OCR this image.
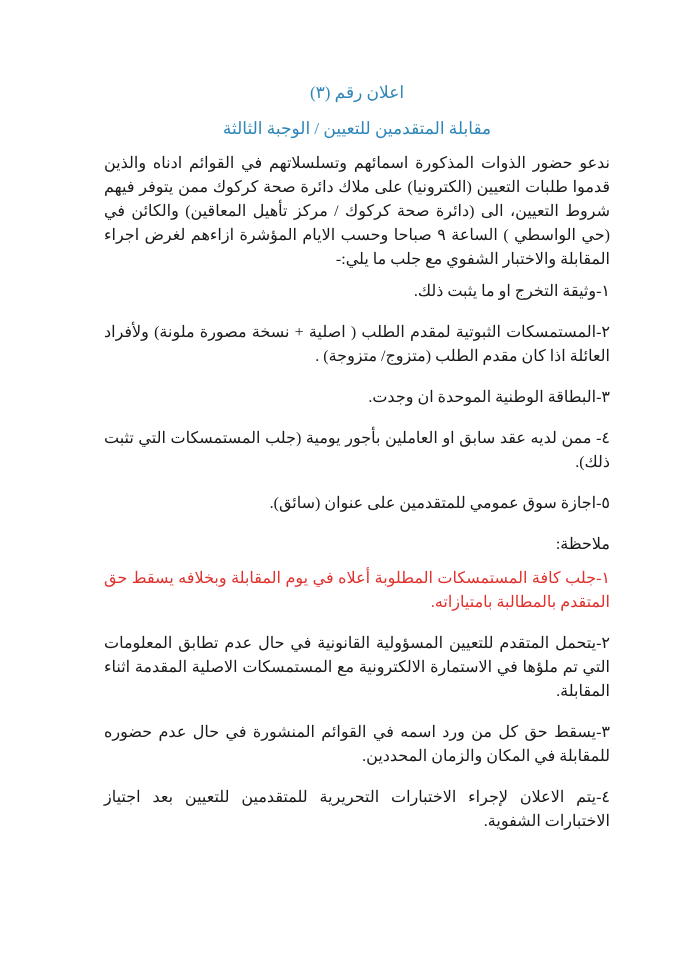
اعلان رقم (٣)

مقابلة المتقدمين للتعيين / الوجبة الثالثة

ندعو حضور الذوات المذكورة اسمائهم وتسلسلاتهم في القوائم ادناه والذين قدموا طلبات التعيين (الكترونيا) على ملاك دائرة صحة كركوك ممن يتوفر فيهم شروط التعيين، الى (دائرة صحة كركوك / مركز تأهيل المعاقين) والكائن في (حي الواسطي ) الساعة ٩ صباحا وحسب الايام المؤشرة ازاءهم لغرض اجراء المقابلة والاختبار الشفوي مع جلب ما يلي:-

١-وثيقة التخرج او ما يثبت ذلك.

٢-المستمسكات الثبوتية لمقدم الطلب ( اصلية + نسخة مصورة ملونة) ولأفراد العائلة اذا كان مقدم الطلب (متزوج/ متزوجة) .

٣-البطاقة الوطنية الموحدة ان وجدت.

٤- ممن لديه عقد سابق او العاملين بأجور يومية (جلب المستمسكات التي تثبت ذلك).

٥-اجازة سوق عمومي للمتقدمين على عنوان (سائق).

ملاحظة:

١-جلب كافة المستمسكات المطلوبة أعلاه في يوم المقابلة وبخلافه يسقط حق المتقدم بالمطالبة بامتيازاته.

٢-يتحمل المتقدم للتعيين المسؤولية القانونية في حال عدم تطابق المعلومات التي تم ملؤها في الاستمارة الالكترونية مع المستمسكات الاصلية المقدمة اثناء المقابلة.

٣-يسقط حق كل من ورد اسمه في القوائم المنشورة في حال عدم حضوره للمقابلة في المكان والزمان المحددين.

٤-يتم الاعلان لإجراء الاختبارات التحريرية للمتقدمين للتعيين بعد اجتياز الاختبارات الشفوية.
